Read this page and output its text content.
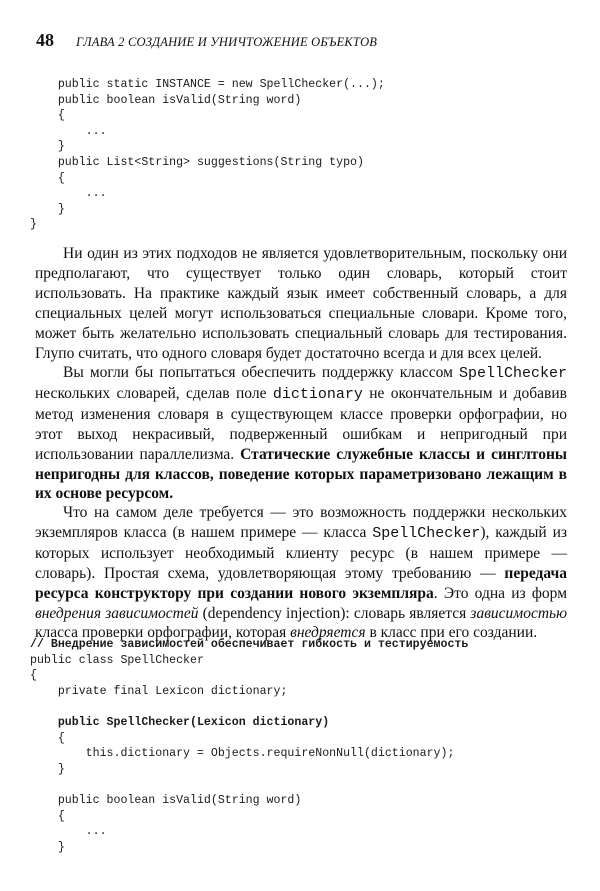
48 ГЛАВА 2 СОЗДАНИЕ И УНИЧТОЖЕНИЕ ОБЪЕКТОВ
public static INSTANCE = new SpellChecker(...);
public boolean isValid(String word)
{
...
}
public List<String> suggestions(String typo)
{
...
}
}

Ни один из этих подходов не является удовлетворительным, поскольку они предполагают, что существует только один словарь, который стоит использовать. На практике каждый язык имеет собственный словарь, а для специальных целей могут использоваться специальные словари. Кроме того, может быть желательно использовать специальный словарь для тестирования. Глупо считать, что одного словаря будет достаточно всегда и для всех целей.

Вы могли бы попытаться обеспечить поддержку классом SpellChecker нескольких словарей, сделав поле dictionary не окончательным и добавив метод изменения словаря в существующем классе проверки орфографии, но этот выход некрасивый, подверженный ошибкам и непригодный при использовании параллелизма. Статические служебные классы и синглтоны непригодны для классов, поведение которых параметризовано лежащим в их основе ресурсом.

Что на самом деле требуется — это возможность поддержки нескольких экземпляров класса (в нашем примере — класса SpellChecker), каждый из которых использует необходимый клиенту ресурс (в нашем примере — словарь). Простая схема, удовлетворяющая этому требованию — передача ресурса конструктору при создании нового экземпляра. Это одна из форм внедрения зависимостей (dependency injection): словарь является зависимостью класса проверки орфографии, которая внедряется в класс при его создании.

// Внедрение зависимостей обеспечивает гибкость и тестируемость
public class SpellChecker
{
private final Lexicon dictionary;

public SpellChecker(Lexicon dictionary)
{
this.dictionary = Objects.requireNonNull(dictionary);
}

public boolean isValid(String word)
{
...
}
